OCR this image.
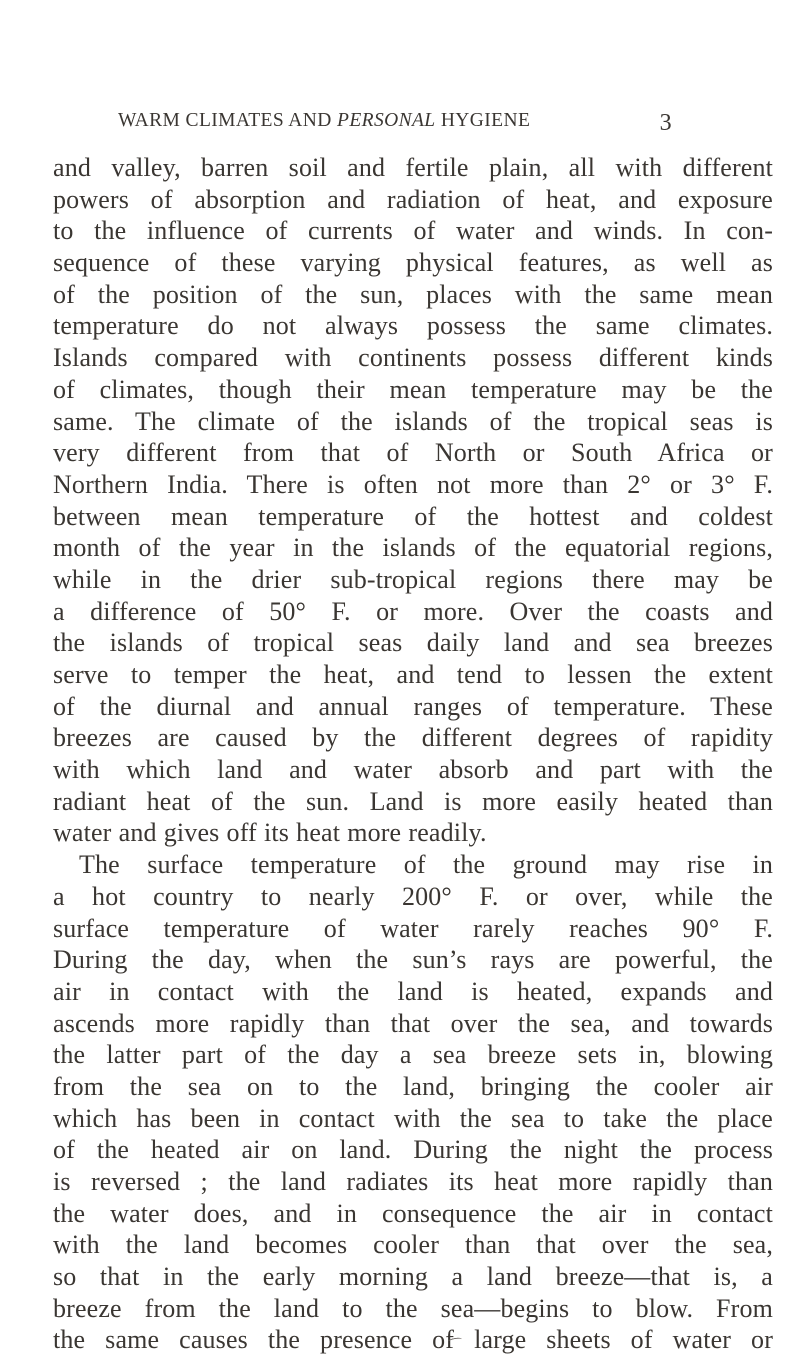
WARM CLIMATES AND PERSONAL HYGIENE	3
and valley, barren soil and fertile plain, all with different
powers of absorption and radiation of heat, and exposure
to the influence of currents of water and winds. In con-
sequence of these varying physical features, as well as
of the position of the sun, places with the same mean
temperature do not always possess the same climates.
Islands compared with continents possess different kinds
of climates, though their mean temperature may be the
same. The climate of the islands of the tropical seas is
very different from that of North or South Africa or
Northern India. There is often not more than 2° or 3° F.
between mean temperature of the hottest and coldest
month of the year in the islands of the equatorial regions,
while in the drier sub-tropical regions there may be
a difference of 50° F. or more. Over the coasts and
the islands of tropical seas daily land and sea breezes
serve to temper the heat, and tend to lessen the extent
of the diurnal and annual ranges of temperature. These
breezes are caused by the different degrees of rapidity
with which land and water absorb and part with the
radiant heat of the sun. Land is more easily heated than
water and gives off its heat more readily.
The surface temperature of the ground may rise in
a hot country to nearly 200° F. or over, while the
surface temperature of water rarely reaches 90° F.
During the day, when the sun’s rays are powerful, the
air in contact with the land is heated, expands and
ascends more rapidly than that over the sea, and towards
the latter part of the day a sea breeze sets in, blowing
from the sea on to the land, bringing the cooler air
which has been in contact with the sea to take the place
of the heated air on land. During the night the process
is reversed ; the land radiates its heat more rapidly than
the water does, and in consequence the air in contact
with the land becomes cooler than that over the sea,
so that in the early morning a land breeze—that is, a
breeze from the land to the sea—begins to blow. From
the same causes the presence of large sheets of water or
